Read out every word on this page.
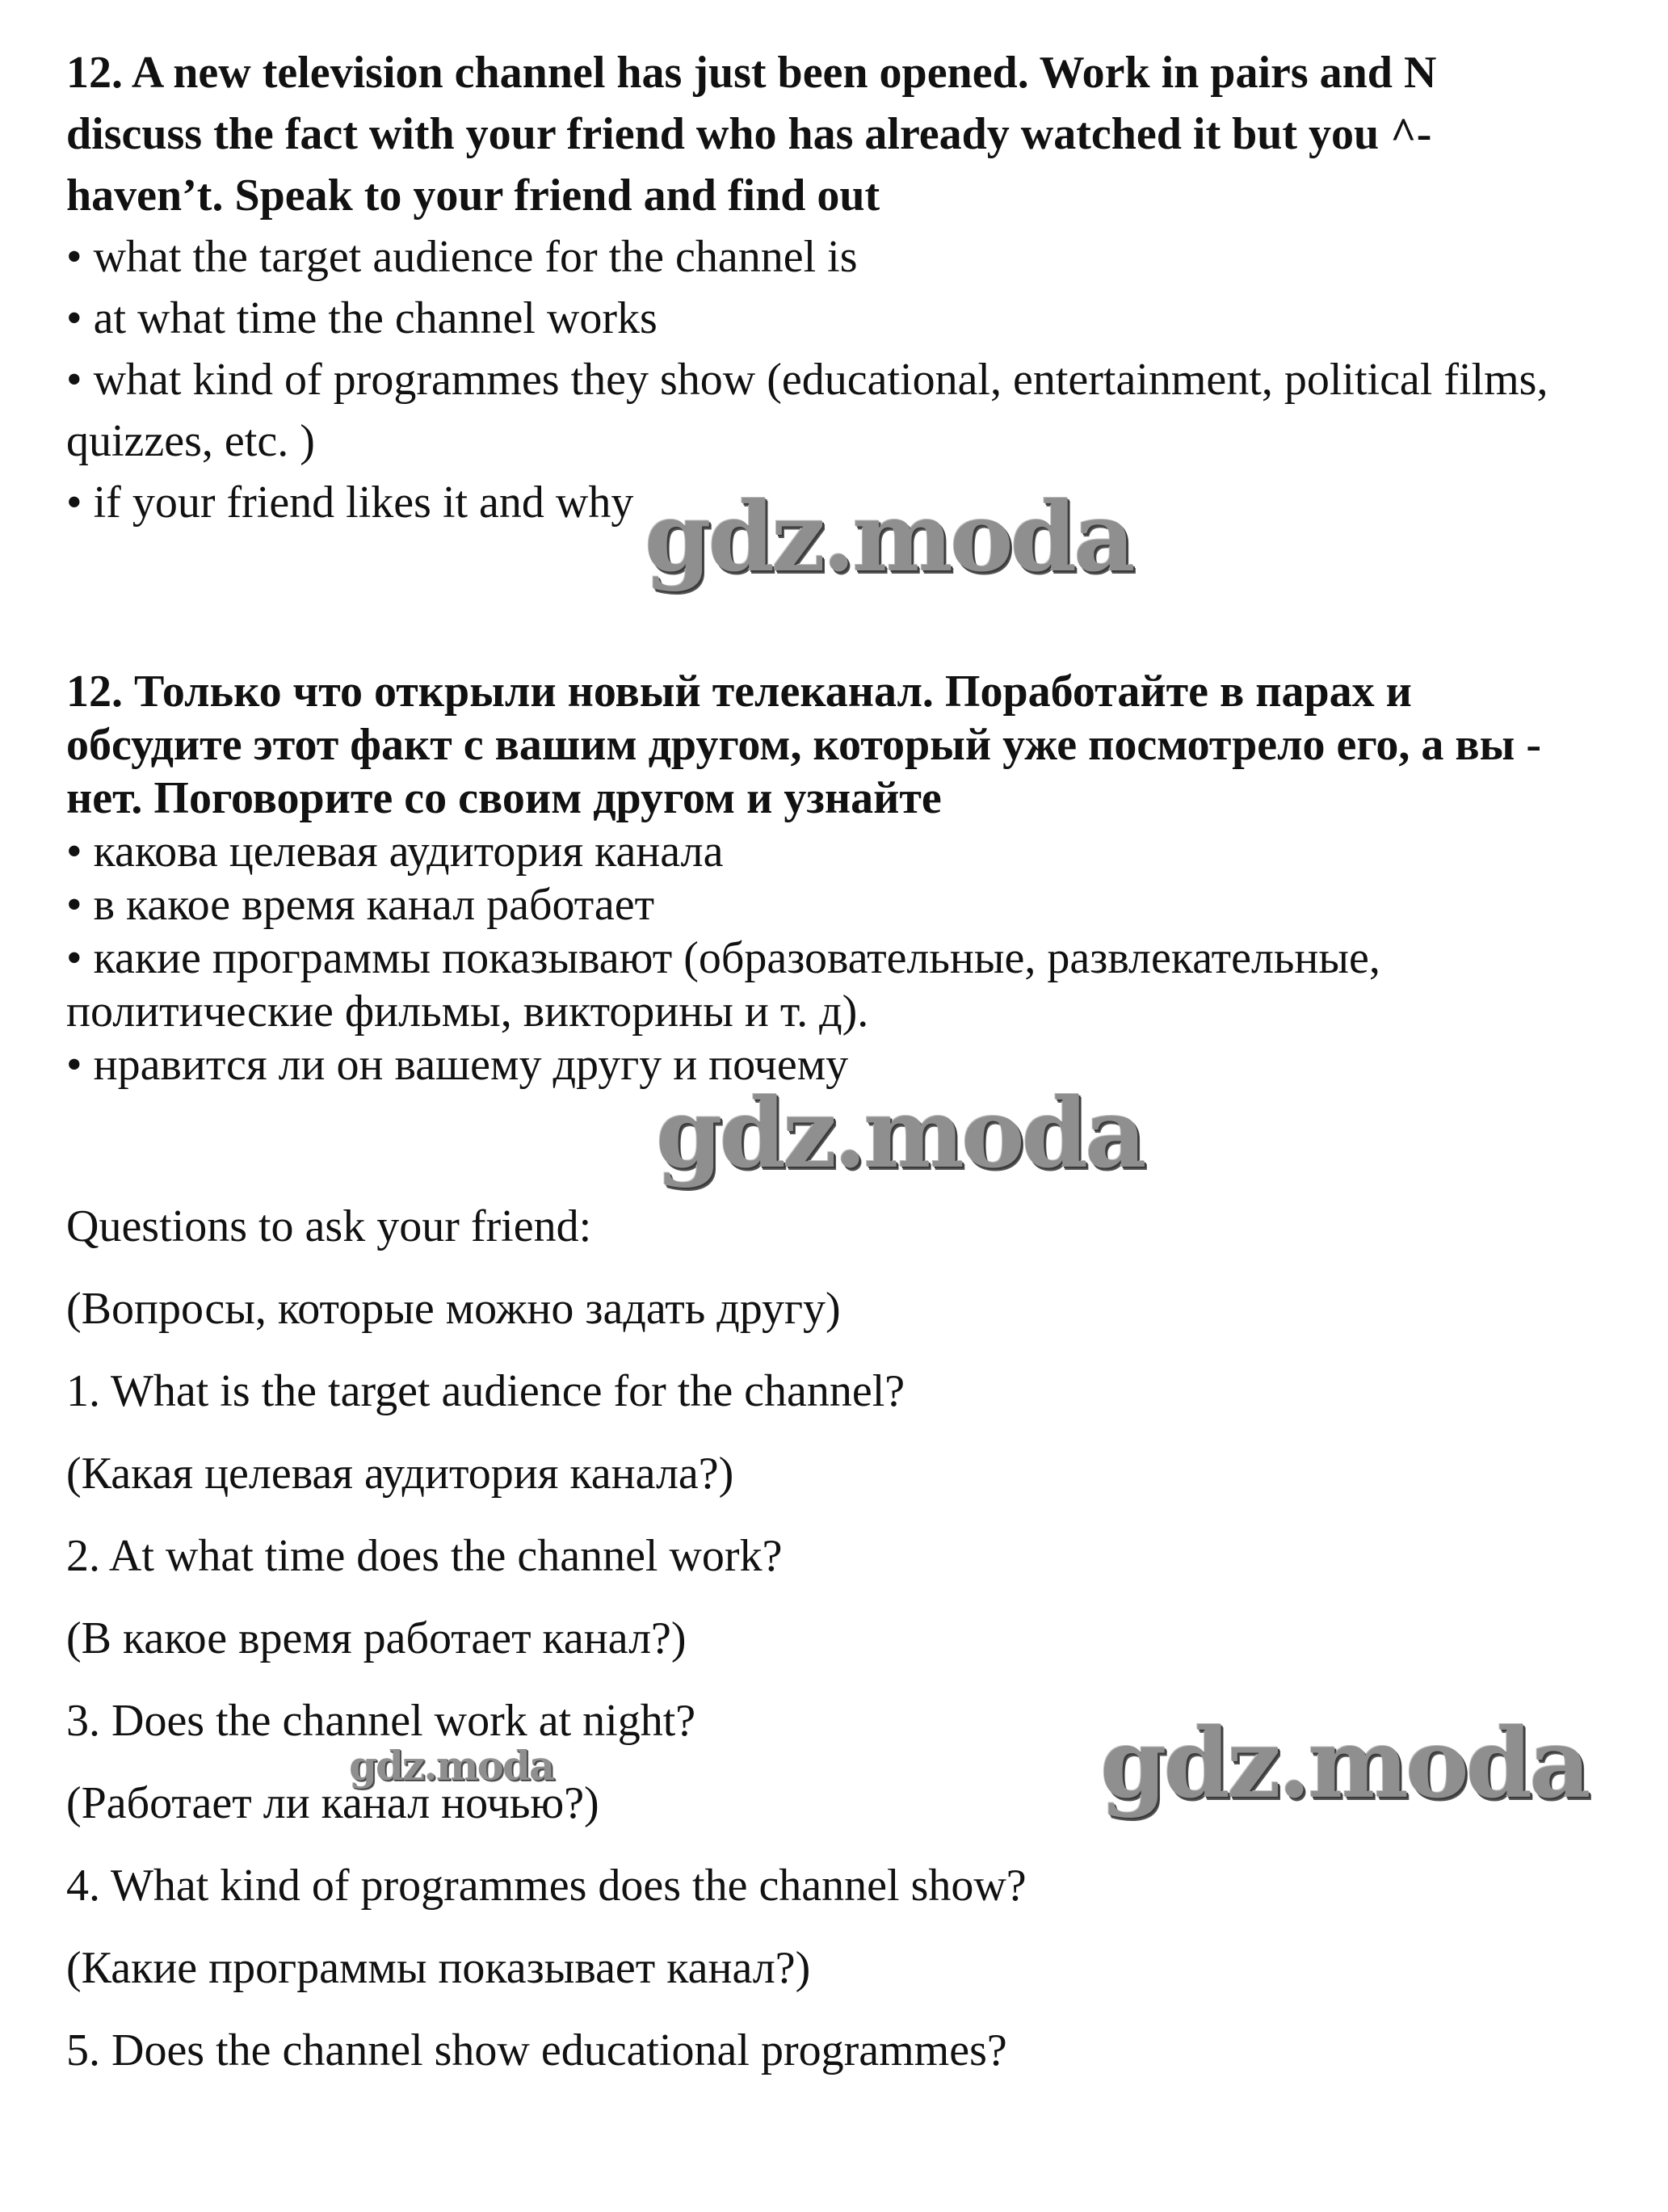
12. A new television channel has just been opened. Work in pairs and N
discuss the fact with your friend who has already watched it but you ^-
haven’t. Speak to your friend and find out
• what the target audience for the channel is
• at what time the channel works
• what kind of programmes they show (educational, entertainment, political films,
quizzes, etc. )
• if your friend likes it and why gdz.moda
12. Только что открыли новый телеканал. Поработайте в парах и
обсудите этот факт с вашим другом, который уже посмотрело его, а вы -
нет. Поговорите со своим другом и узнайте
• какова целевая аудитория канала
• в какое время канал работает
• какие программы показывают (образовательные, развлекательные,
политические фильмы, викторины и т. д).
• нравится ли он вашему другу и почему
gdz.moda
Questions to ask your friend:
(Вопросы, которые можно задать другу)
1. What is the target audience for the channel?
(Какая целевая аудитория канала?)
2. At what time does the channel work?
(В какое время работает канал?)
3. Does the channel work at night?
(Работает ли канал ночью?)
4. What kind of programmes does the channel show?
(Какие программы показывает канал?)
5. Does the channel show educational programmes?
gdz.moda	gdz.moda
